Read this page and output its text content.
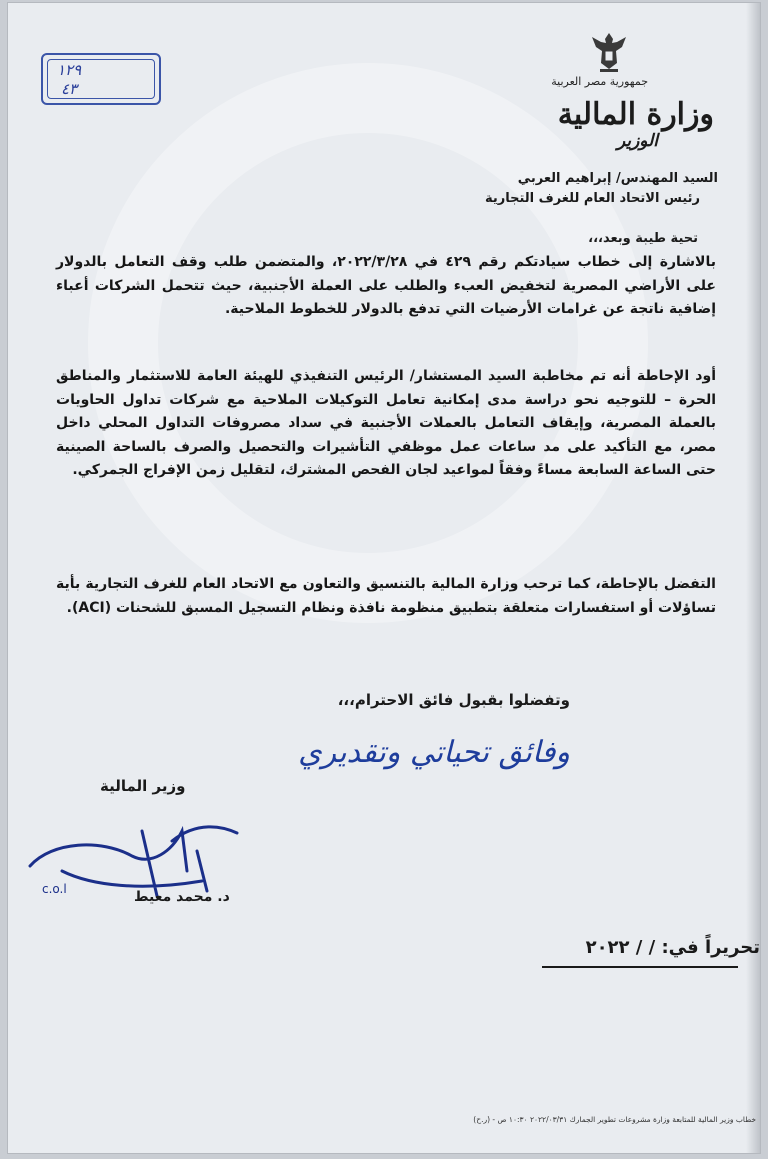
١٢٩
٤٣	جمهورية مصر العربية
وزارة المالية
الوزير
السيد المهندس/ إبراهيم العربي
رئيس الاتحاد العام للغرف التجارية
تحية طيبة وبعد،،،
بالاشارة إلى خطاب سيادتكم رقم ٤٢٩ في ٢٠٢٢/٣/٢٨، والمتضمن طلب وقف التعامل بالدولار على الأراضي المصرية لتخفيض العبء والطلب على العملة الأجنبية، حيث تتحمل الشركات أعباء إضافية ناتجة عن غرامات الأرضيات التي تدفع بالدولار للخطوط الملاحية.
أود الإحاطة أنه تم مخاطبة السيد المستشار/ الرئيس التنفيذي للهيئة العامة للاستثمار والمناطق الحرة – للتوجيه نحو دراسة مدى إمكانية تعامل التوكيلات الملاحية مع شركات تداول الحاويات بالعملة المصرية، وإيقاف التعامل بالعملات الأجنبية في سداد مصروفات التداول المحلي داخل مصر، مع التأكيد على مد ساعات عمل موظفي التأشيرات والتحصيل والصرف بالساحة الصينية حتى الساعة السابعة مساءً وفقاً لمواعيد لجان الفحص المشترك، لتقليل زمن الإفراج الجمركي.
التفضل بالإحاطة، كما ترحب وزارة المالية بالتنسيق والتعاون مع الاتحاد العام للغرف التجارية بأية تساؤلات أو استفسارات متعلقة بتطبيق منظومة نافذة ونظام التسجيل المسبق للشحنات (ACI).
وتفضلوا بقبول فائق الاحترام،،،
وفائق تحياتي وتقديري
وزير المالية
c.o.l	د. محمد معيط
تحريراً في: / / ٢٠٢٢
خطاب وزير المالية للمتابعة وزارة مشروعات تطوير الجمارك ٢٠٢٢/٠٣/٣١ ١٠:٣٠ ص - (ر.ح)
